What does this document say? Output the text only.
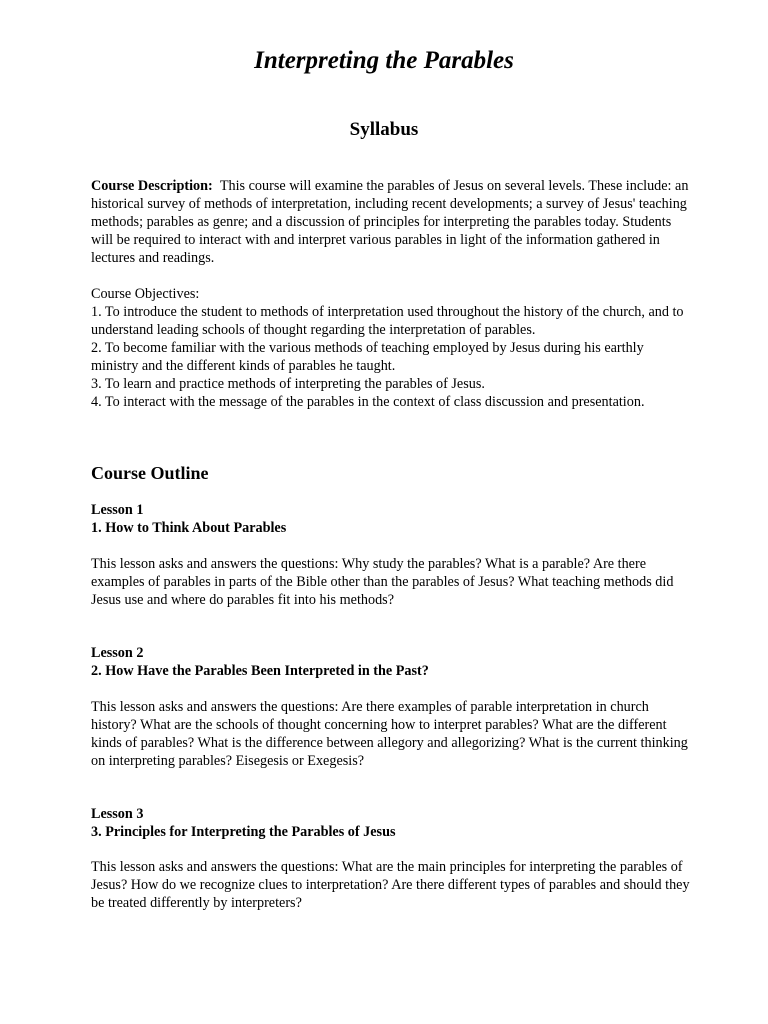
Interpreting the Parables
Syllabus

Course Description: This course will examine the parables of Jesus on several levels. These include: an historical survey of methods of interpretation, including recent developments; a survey of Jesus' teaching methods; parables as genre; and a discussion of principles for interpreting the parables today. Students will be required to interact with and interpret various parables in light of the information gathered in lectures and readings.

Course Objectives:

1. To introduce the student to methods of interpretation used throughout the history of the church, and to understand leading schools of thought regarding the interpretation of parables.

2. To become familiar with the various methods of teaching employed by Jesus during his earthly ministry and the different kinds of parables he taught.

3. To learn and practice methods of interpreting the parables of Jesus.

4. To interact with the message of the parables in the context of class discussion and presentation.

Course Outline

Lesson 1

1. How to Think About Parables

This lesson asks and answers the questions: Why study the parables? What is a parable? Are there examples of parables in parts of the Bible other than the parables of Jesus? What teaching methods did Jesus use and where do parables fit into his methods?

Lesson 2

2. How Have the Parables Been Interpreted in the Past?

This lesson asks and answers the questions: Are there examples of parable interpretation in church history? What are the schools of thought concerning how to interpret parables? What are the different kinds of parables? What is the difference between allegory and allegorizing? What is the current thinking on interpreting parables? Eisegesis or Exegesis?

Lesson 3

3. Principles for Interpreting the Parables of Jesus

This lesson asks and answers the questions: What are the main principles for interpreting the parables of Jesus? How do we recognize clues to interpretation? Are there different types of parables and should they be treated differently by interpreters?
